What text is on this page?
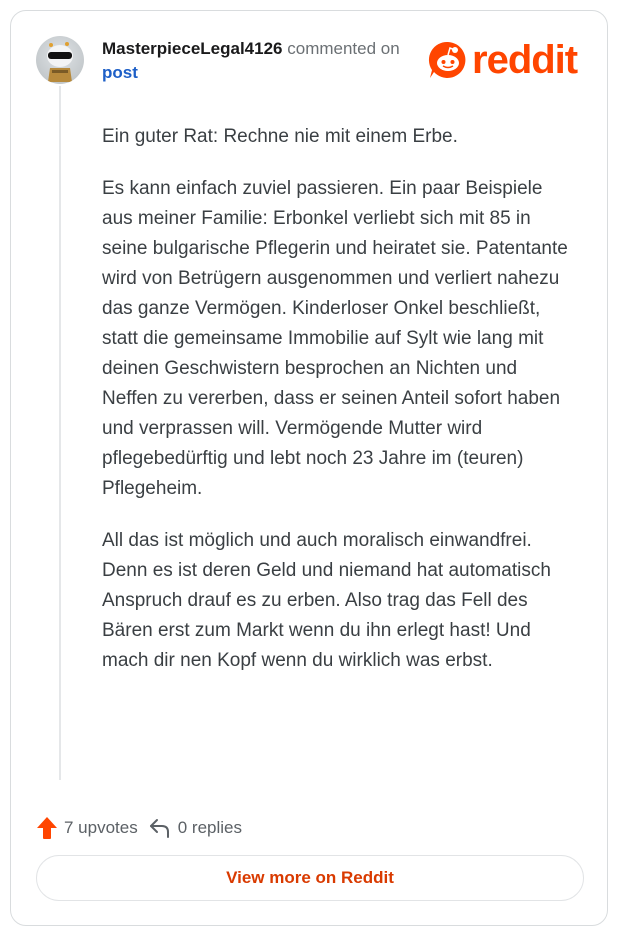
MasterpieceLegal4126 commented on
post	reddit

Ein guter Rat: Rechne nie mit einem Erbe.

Es kann einfach zuviel passieren. Ein paar Beispiele aus meiner Familie: Erbonkel verliebt sich mit 85 in seine bulgarische Pflegerin und heiratet sie. Patentante wird von Betrügern ausgenommen und verliert nahezu das ganze Vermögen. Kinderloser Onkel beschließt, statt die gemeinsame Immobilie auf Sylt wie lang mit deinen Geschwistern besprochen an Nichten und Neffen zu vererben, dass er seinen Anteil sofort haben und verprassen will. Vermögende Mutter wird pflegebedürftig und lebt noch 23 Jahre im (teuren) Pflegeheim.

All das ist möglich und auch moralisch einwandfrei. Denn es ist deren Geld und niemand hat automatisch Anspruch drauf es zu erben. Also trag das Fell des Bären erst zum Markt wenn du ihn erlegt hast! Und mach dir nen Kopf wenn du wirklich was erbst.

7 upvotes 0 replies
View more on Reddit
